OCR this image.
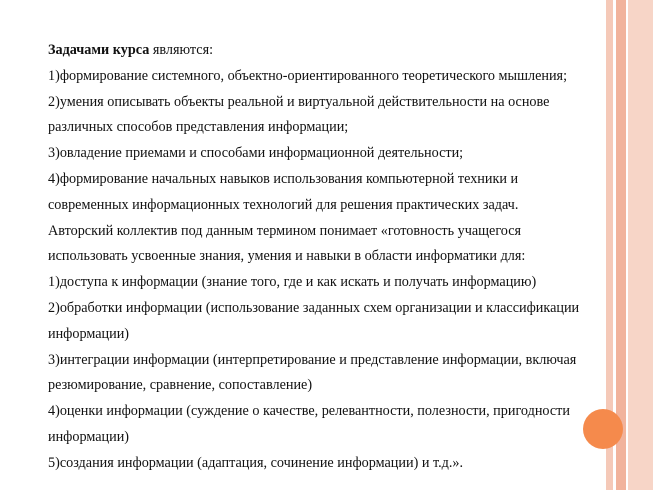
Задачами курса являются:
1)формирование системного, объектно-ориентированного теоретического мышления;
2)умения описывать объекты реальной и виртуальной действительности на основе
различных способов представления информации;
3)овладение приемами и способами информационной деятельности;
4)формирование начальных навыков использования компьютерной техники и
современных информационных технологий для решения практических задач.
Авторский коллектив под данным термином понимает «готовность учащегося
использовать усвоенные знания, умения и навыки в области информатики для:
1)доступа к информации (знание того, где и как искать и получать информацию)
2)обработки информации (использование заданных схем организации и классификации
информации)
3)интеграции информации (интерпретирование и представление информации, включая
резюмирование, сравнение, сопоставление)
4)оценки информации (суждение о качестве, релевантности, полезности, пригодности
информации)
5)создания информации (адаптация, сочинение информации) и т.д.».
